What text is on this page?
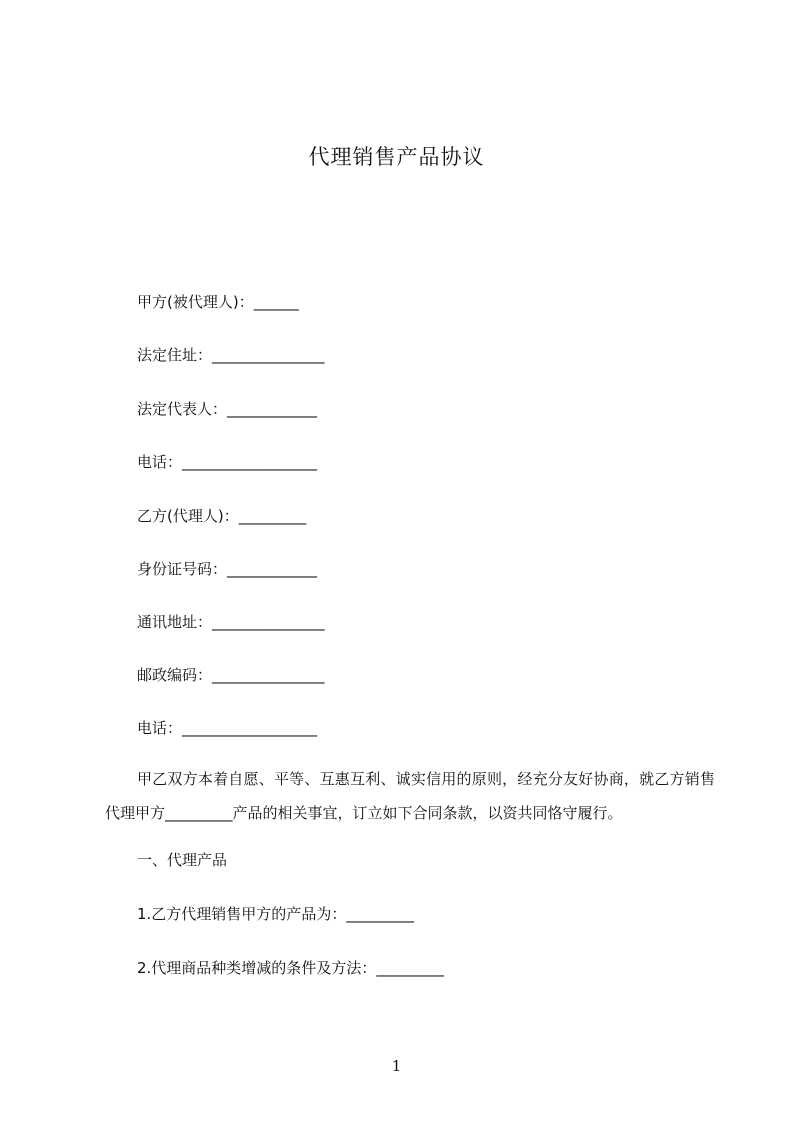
代理销售产品协议
甲方(被代理人)：______
法定住址：_______________
法定代表人：____________
电话：__________________
乙方(代理人)：_________
身份证号码：____________
通讯地址：_______________
邮政编码：_______________
电话：__________________
甲乙双方本着自愿、平等、互惠互利、诚实信用的原则，经充分友好协商，就乙方销售代理甲方_________产品的相关事宜，订立如下合同条款，以资共同恪守履行。
一、代理产品
1.乙方代理销售甲方的产品为：_________
2.代理商品种类增减的条件及方法：_________
1
